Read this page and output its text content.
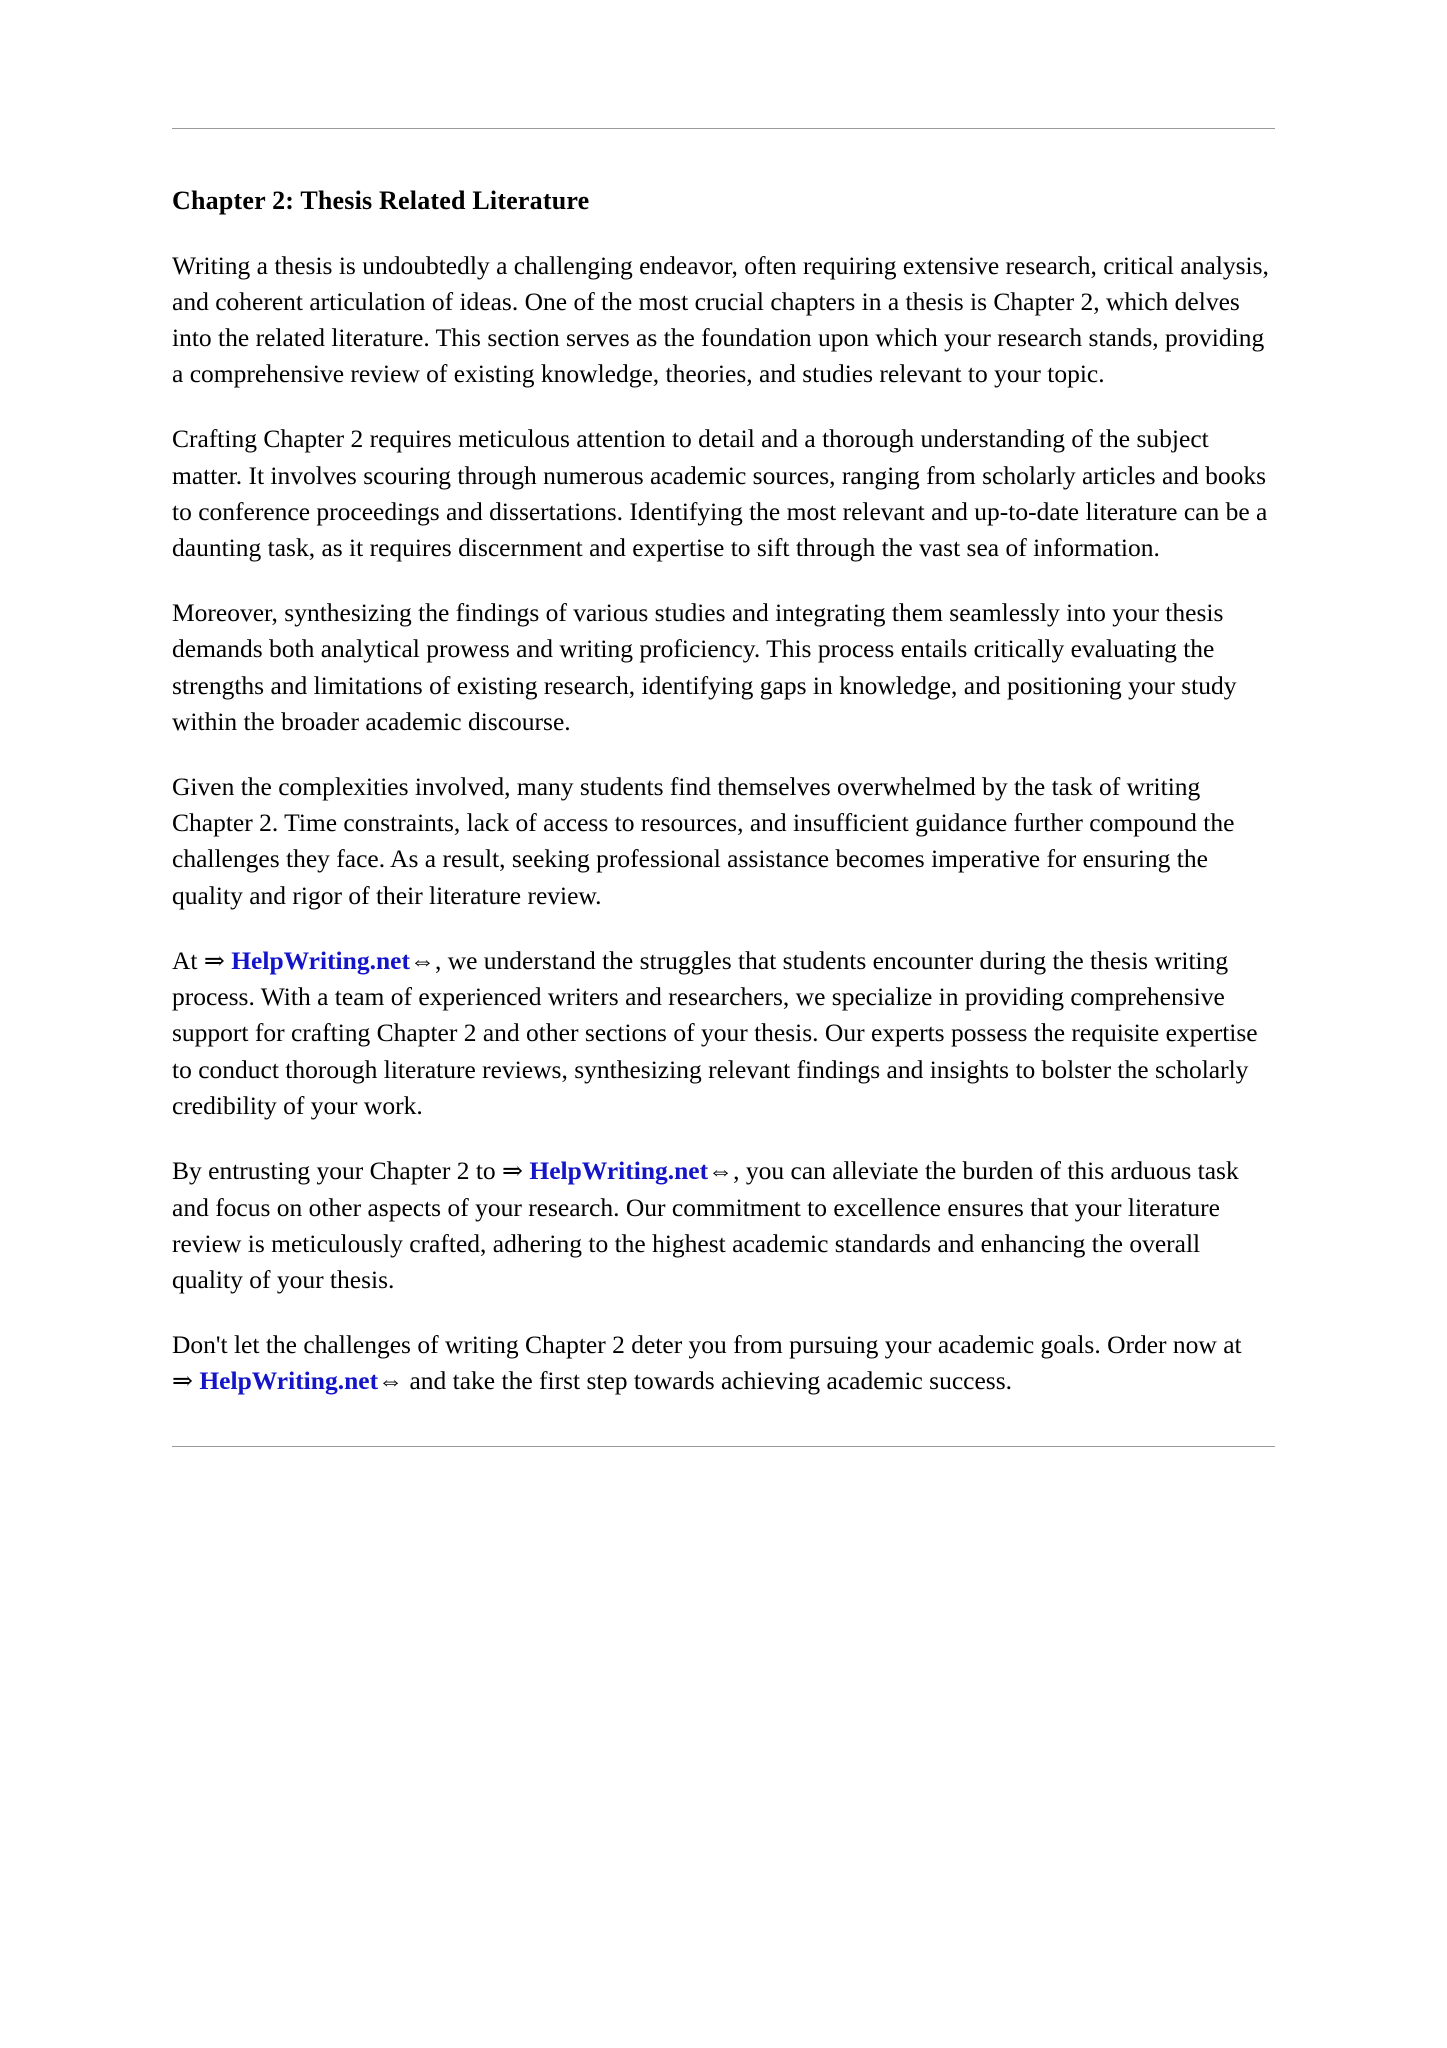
Chapter 2: Thesis Related Literature

Writing a thesis is undoubtedly a challenging endeavor, often requiring extensive research, critical analysis, and coherent articulation of ideas. One of the most crucial chapters in a thesis is Chapter 2, which delves into the related literature. This section serves as the foundation upon which your research stands, providing a comprehensive review of existing knowledge, theories, and studies relevant to your topic.

Crafting Chapter 2 requires meticulous attention to detail and a thorough understanding of the subject matter. It involves scouring through numerous academic sources, ranging from scholarly articles and books to conference proceedings and dissertations. Identifying the most relevant and up-to-date literature can be a daunting task, as it requires discernment and expertise to sift through the vast sea of information.

Moreover, synthesizing the findings of various studies and integrating them seamlessly into your thesis demands both analytical prowess and writing proficiency. This process entails critically evaluating the strengths and limitations of existing research, identifying gaps in knowledge, and positioning your study within the broader academic discourse.

Given the complexities involved, many students find themselves overwhelmed by the task of writing Chapter 2. Time constraints, lack of access to resources, and insufficient guidance further compound the challenges they face. As a result, seeking professional assistance becomes imperative for ensuring the quality and rigor of their literature review.

At ⇒ HelpWriting.net⇔, we understand the struggles that students encounter during the thesis writing process. With a team of experienced writers and researchers, we specialize in providing comprehensive support for crafting Chapter 2 and other sections of your thesis. Our experts possess the requisite expertise to conduct thorough literature reviews, synthesizing relevant findings and insights to bolster the scholarly credibility of your work.

By entrusting your Chapter 2 to ⇒ HelpWriting.net⇔, you can alleviate the burden of this arduous task and focus on other aspects of your research. Our commitment to excellence ensures that your literature review is meticulously crafted, adhering to the highest academic standards and enhancing the overall quality of your thesis.

Don't let the challenges of writing Chapter 2 deter you from pursuing your academic goals. Order now at ⇒ HelpWriting.net⇔ and take the first step towards achieving academic success.
